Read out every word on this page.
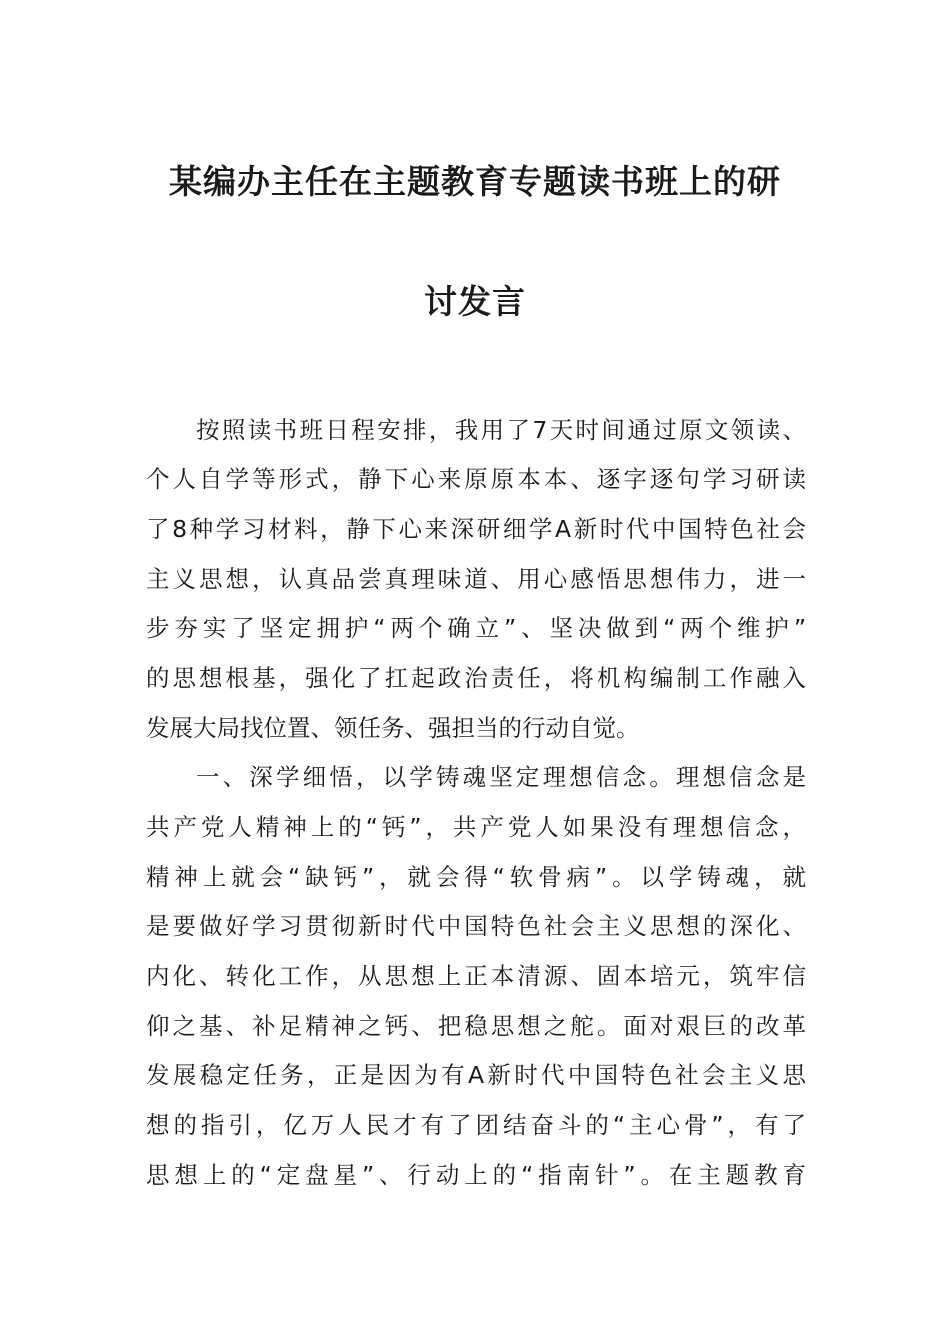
某编办主任在主题教育专题读书班上的研
讨发言
按照读书班日程安排，我用了7天时间通过原文领读、
个人自学等形式，静下心来原原本本、逐字逐句学习研读
了8种学习材料，静下心来深研细学A新时代中国特色社会
主义思想，认真品尝真理味道、用心感悟思想伟力，进一
步夯实了坚定拥护“两个确立”、坚决做到“两个维护”
的思想根基，强化了扛起政治责任，将机构编制工作融入
发展大局找位置、领任务、强担当的行动自觉。
一、深学细悟，以学铸魂坚定理想信念。理想信念是
共产党人精神上的“钙”，共产党人如果没有理想信念，
精神上就会“缺钙”，就会得“软骨病”。以学铸魂，就
是要做好学习贯彻新时代中国特色社会主义思想的深化、
内化、转化工作，从思想上正本清源、固本培元，筑牢信
仰之基、补足精神之钙、把稳思想之舵。面对艰巨的改革
发展稳定任务，正是因为有A新时代中国特色社会主义思
想的指引，亿万人民才有了团结奋斗的“主心骨”，有了
思想上的“定盘星”、行动上的“指南针”。在主题教育
